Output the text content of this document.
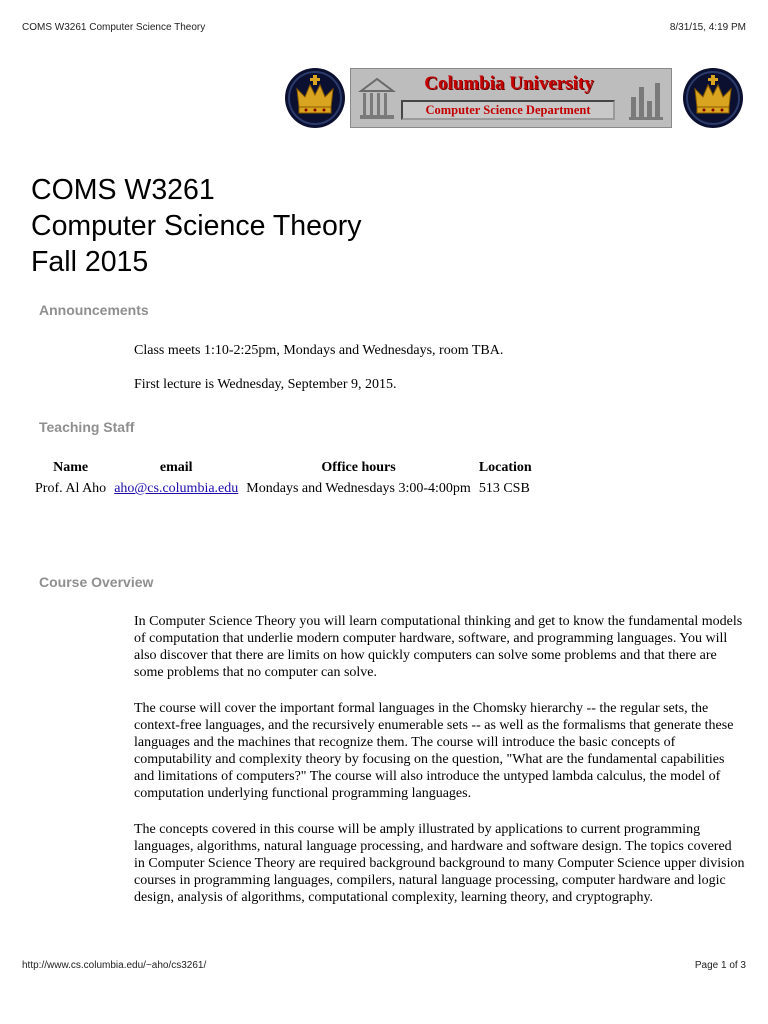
COMS W3261 Computer Science Theory	8/31/15, 4:19 PM
Columbia University
Computer Science Department
COMS W3261
Computer Science Theory
Fall 2015
Announcements
Class meets 1:10-2:25pm, Mondays and Wednesdays, room TBA.
First lecture is Wednesday, September 9, 2015.
Teaching Staff
Name	email	Office hours	Location
Prof. Al Aho	aho@cs.columbia.edu	Mondays and Wednesdays 3:00-4:00pm	513 CSB
Course Overview
In Computer Science Theory you will learn computational thinking and get to know the fundamental models of computation that underlie modern computer hardware, software, and programming languages. You will also discover that there are limits on how quickly computers can solve some problems and that there are some problems that no computer can solve.
The course will cover the important formal languages in the Chomsky hierarchy -- the regular sets, the context-free languages, and the recursively enumerable sets -- as well as the formalisms that generate these languages and the machines that recognize them. The course will introduce the basic concepts of computability and complexity theory by focusing on the question, "What are the fundamental capabilities and limitations of computers?" The course will also introduce the untyped lambda calculus, the model of computation underlying functional programming languages.
The concepts covered in this course will be amply illustrated by applications to current programming languages, algorithms, natural language processing, and hardware and software design. The topics covered in Computer Science Theory are required background background to many Computer Science upper division courses in programming languages, compilers, natural language processing, computer hardware and logic design, analysis of algorithms, computational complexity, learning theory, and cryptography.
http://www.cs.columbia.edu/~aho/cs3261/	Page 1 of 3
